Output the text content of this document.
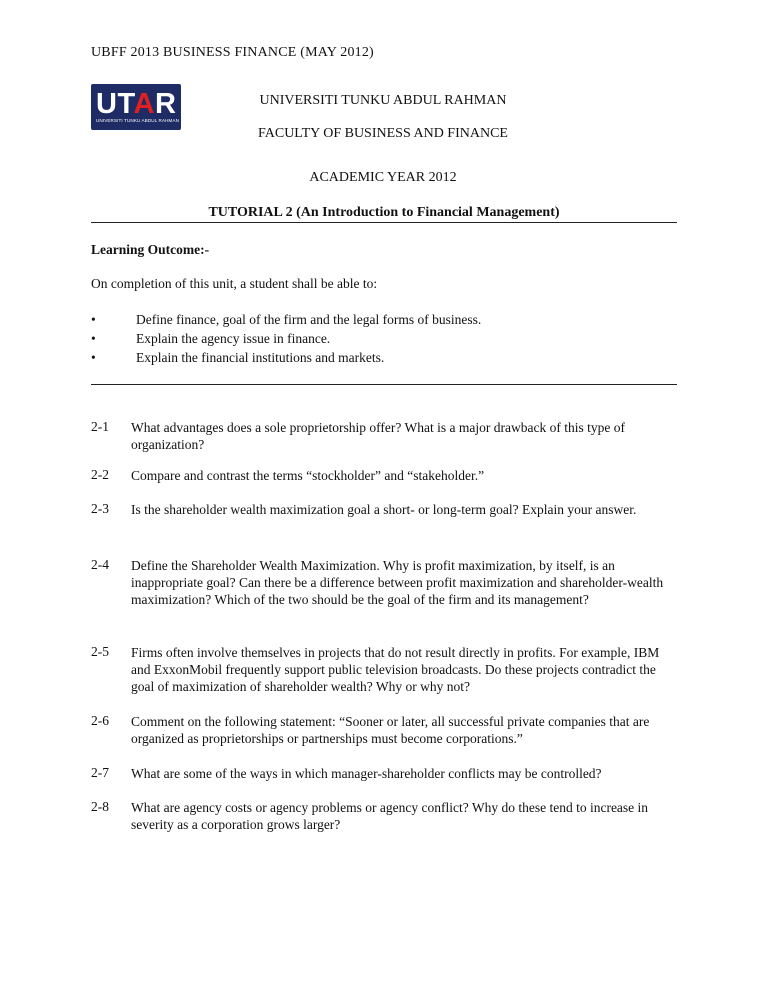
UBFF 2013 BUSINESS FINANCE (MAY 2012)
UTAR
UNIVERSITI TUNKU ABDUL RAHMAN
UNIVERSITI TUNKU ABDUL RAHMAN
FACULTY OF BUSINESS AND FINANCE
ACADEMIC YEAR 2012
TUTORIAL 2 (An Introduction to Financial Management)
Learning Outcome:-
On completion of this unit, a student shall be able to:
•	Define finance, goal of the firm and the legal forms of business.
•	Explain the agency issue in finance.
•	Explain the financial institutions and markets.
2-1	What advantages does a sole proprietorship offer? What is a major drawback of this type of organization?
2-2	Compare and contrast the terms “stockholder” and “stakeholder.”
2-3	Is the shareholder wealth maximization goal a short- or long-term goal? Explain your answer.
2-4	Define the Shareholder Wealth Maximization. Why is profit maximization, by itself, is an inappropriate goal? Can there be a difference between profit maximization and shareholder-wealth maximization? Which of the two should be the goal of the firm and its management?
2-5	Firms often involve themselves in projects that do not result directly in profits. For example, IBM and ExxonMobil frequently support public television broadcasts. Do these projects contradict the goal of maximization of shareholder wealth? Why or why not?
2-6	Comment on the following statement: “Sooner or later, all successful private companies that are organized as proprietorships or partnerships must become corporations.”
2-7	What are some of the ways in which manager-shareholder conflicts may be controlled?
2-8	What are agency costs or agency problems or agency conflict? Why do these tend to increase in severity as a corporation grows larger?
